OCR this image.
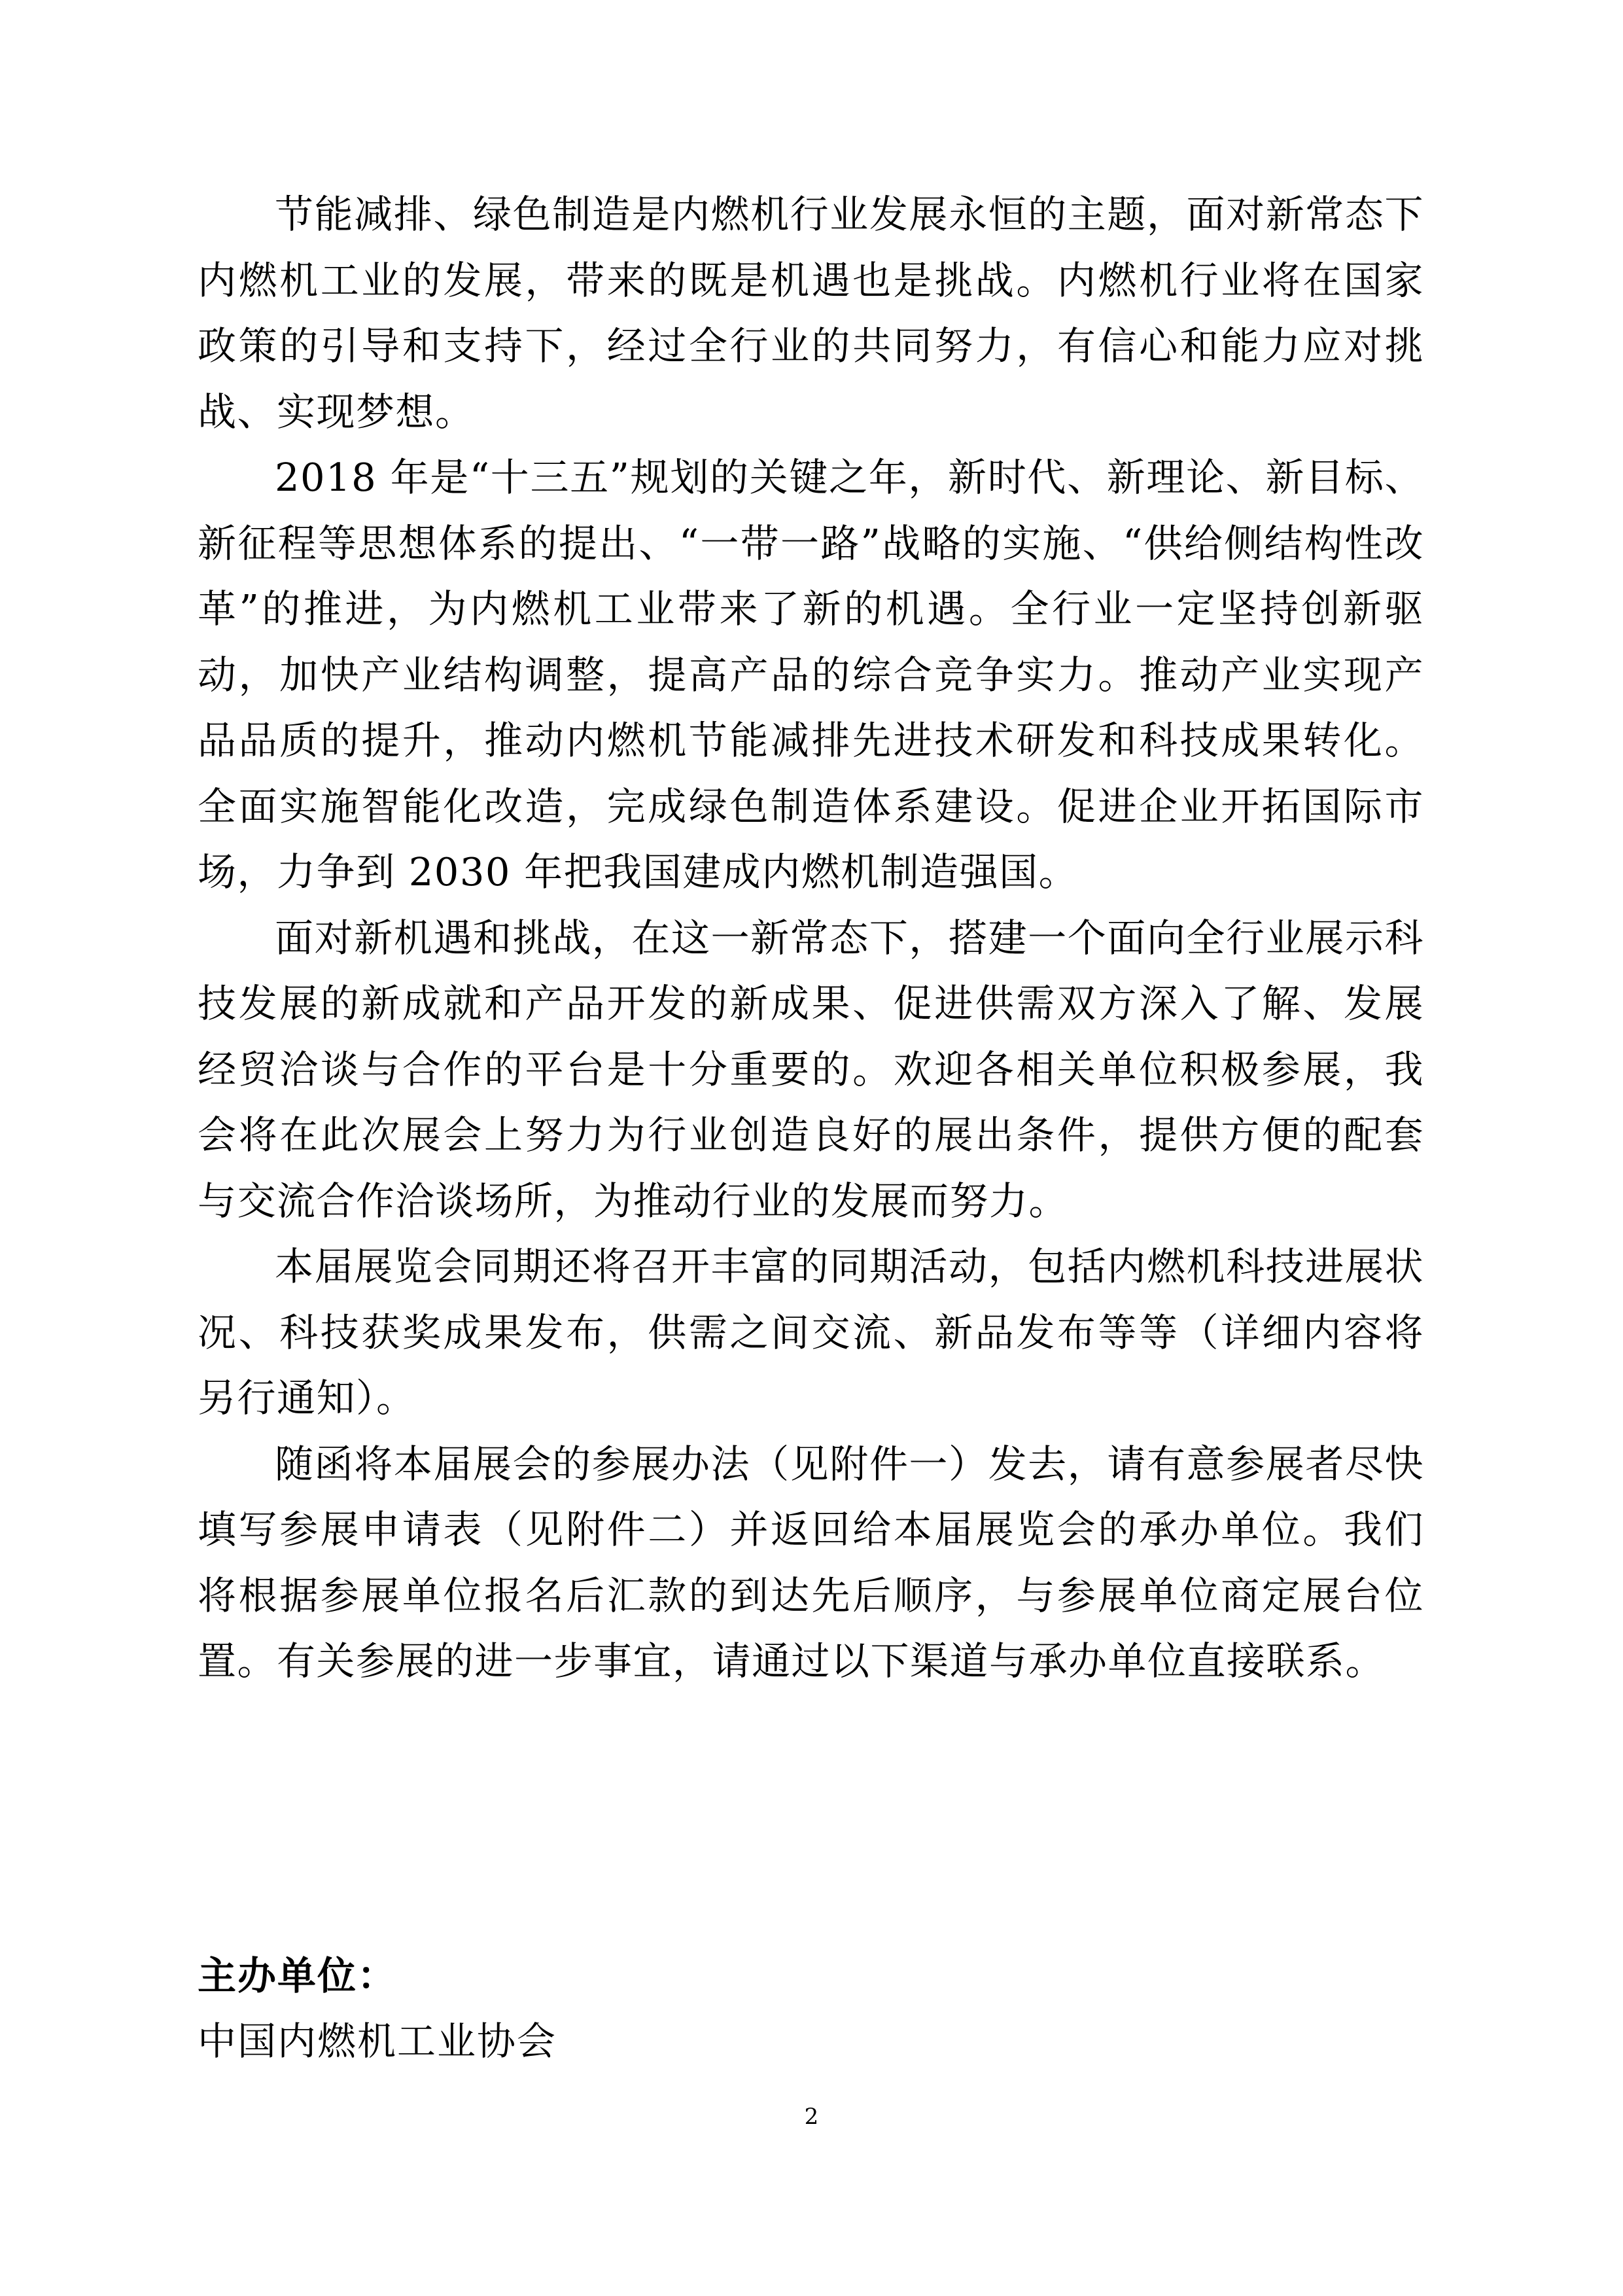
节能减排、绿色制造是内燃机行业发展永恒的主题，面对新常态下内燃机工业的发展，带来的既是机遇也是挑战。内燃机行业将在国家政策的引导和支持下，经过全行业的共同努力，有信心和能力应对挑战、实现梦想。

2018 年是“十三五”规划的关键之年，新时代、新理论、新目标、新征程等思想体系的提出、“一带一路”战略的实施、“供给侧结构性改革”的推进，为内燃机工业带来了新的机遇。全行业一定坚持创新驱动，加快产业结构调整，提高产品的综合竞争实力。推动产业实现产品品质的提升，推动内燃机节能减排先进技术研发和科技成果转化。全面实施智能化改造，完成绿色制造体系建设。促进企业开拓国际市场，力争到 2030 年把我国建成内燃机制造强国。

面对新机遇和挑战，在这一新常态下，搭建一个面向全行业展示科技发展的新成就和产品开发的新成果、促进供需双方深入了解、发展经贸洽谈与合作的平台是十分重要的。欢迎各相关单位积极参展，我会将在此次展会上努力为行业创造良好的展出条件，提供方便的配套与交流合作洽谈场所，为推动行业的发展而努力。

本届展览会同期还将召开丰富的同期活动，包括内燃机科技进展状况、科技获奖成果发布，供需之间交流、新品发布等等（详细内容将另行通知）。

随函将本届展会的参展办法（见附件一）发去，请有意参展者尽快填写参展申请表（见附件二）并返回给本届展览会的承办单位。我们将根据参展单位报名后汇款的到达先后顺序，与参展单位商定展台位置。有关参展的进一步事宜，请通过以下渠道与承办单位直接联系。

主办单位：
中国内燃机工业协会
2
